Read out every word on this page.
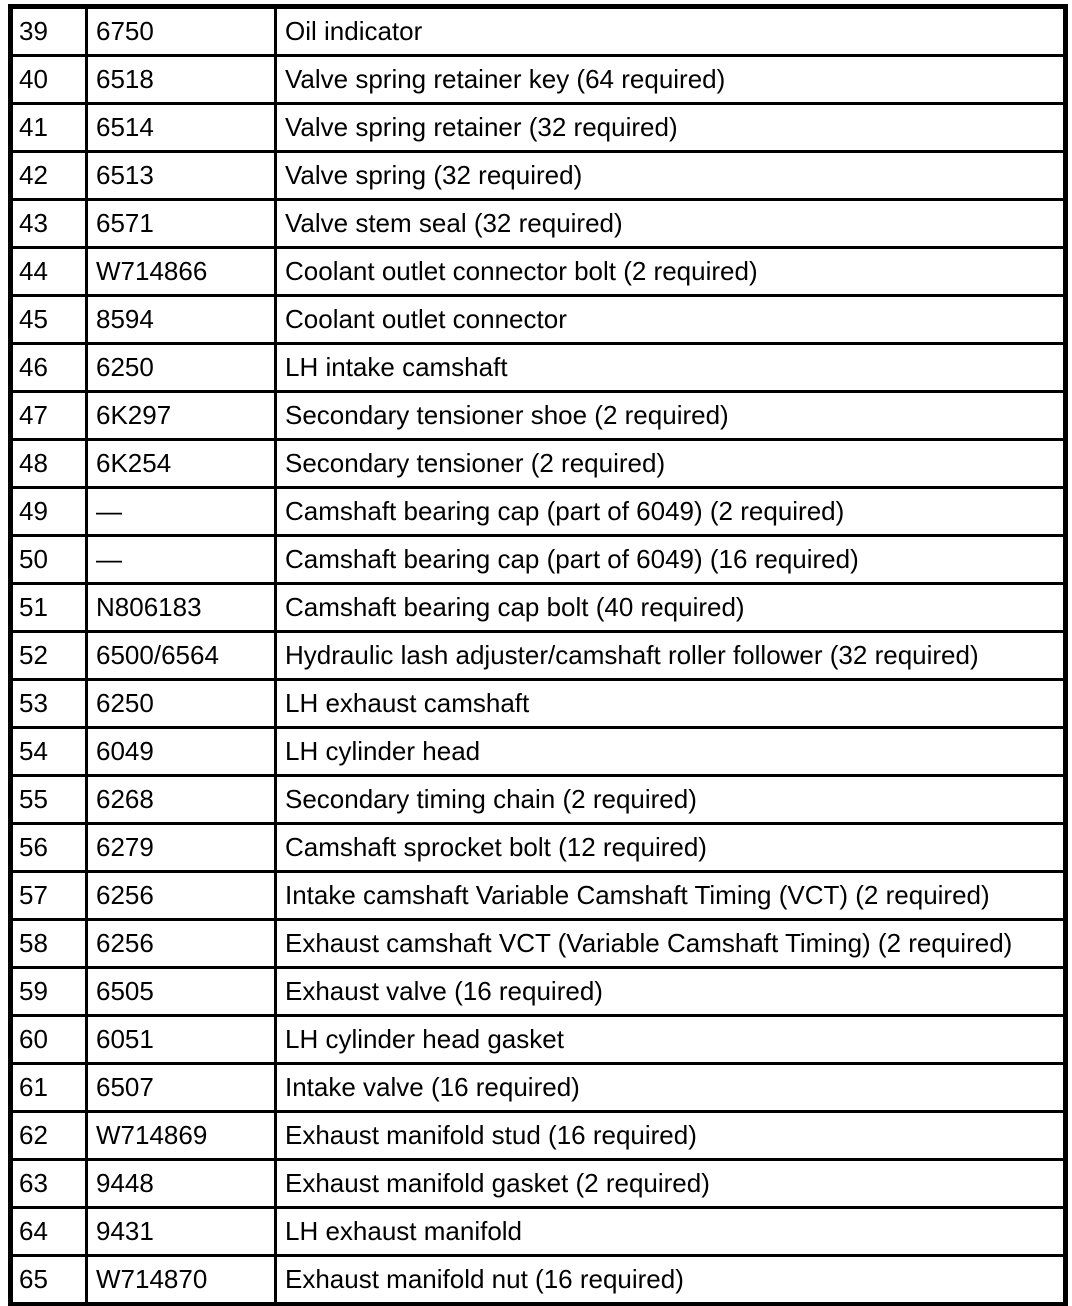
39	6750	Oil indicator
40	6518	Valve spring retainer key (64 required)
41	6514	Valve spring retainer (32 required)
42	6513	Valve spring (32 required)
43	6571	Valve stem seal (32 required)
44	W714866	Coolant outlet connector bolt (2 required)
45	8594	Coolant outlet connector
46	6250	LH intake camshaft
47	6K297	Secondary tensioner shoe (2 required)
48	6K254	Secondary tensioner (2 required)
49	—	Camshaft bearing cap (part of 6049) (2 required)
50	—	Camshaft bearing cap (part of 6049) (16 required)
51	N806183	Camshaft bearing cap bolt (40 required)
52	6500/6564	Hydraulic lash adjuster/camshaft roller follower (32 required)
53	6250	LH exhaust camshaft
54	6049	LH cylinder head
55	6268	Secondary timing chain (2 required)
56	6279	Camshaft sprocket bolt (12 required)
57	6256	Intake camshaft Variable Camshaft Timing (VCT) (2 required)
58	6256	Exhaust camshaft VCT (Variable Camshaft Timing) (2 required)
59	6505	Exhaust valve (16 required)
60	6051	LH cylinder head gasket
61	6507	Intake valve (16 required)
62	W714869	Exhaust manifold stud (16 required)
63	9448	Exhaust manifold gasket (2 required)
64	9431	LH exhaust manifold
65	W714870	Exhaust manifold nut (16 required)
